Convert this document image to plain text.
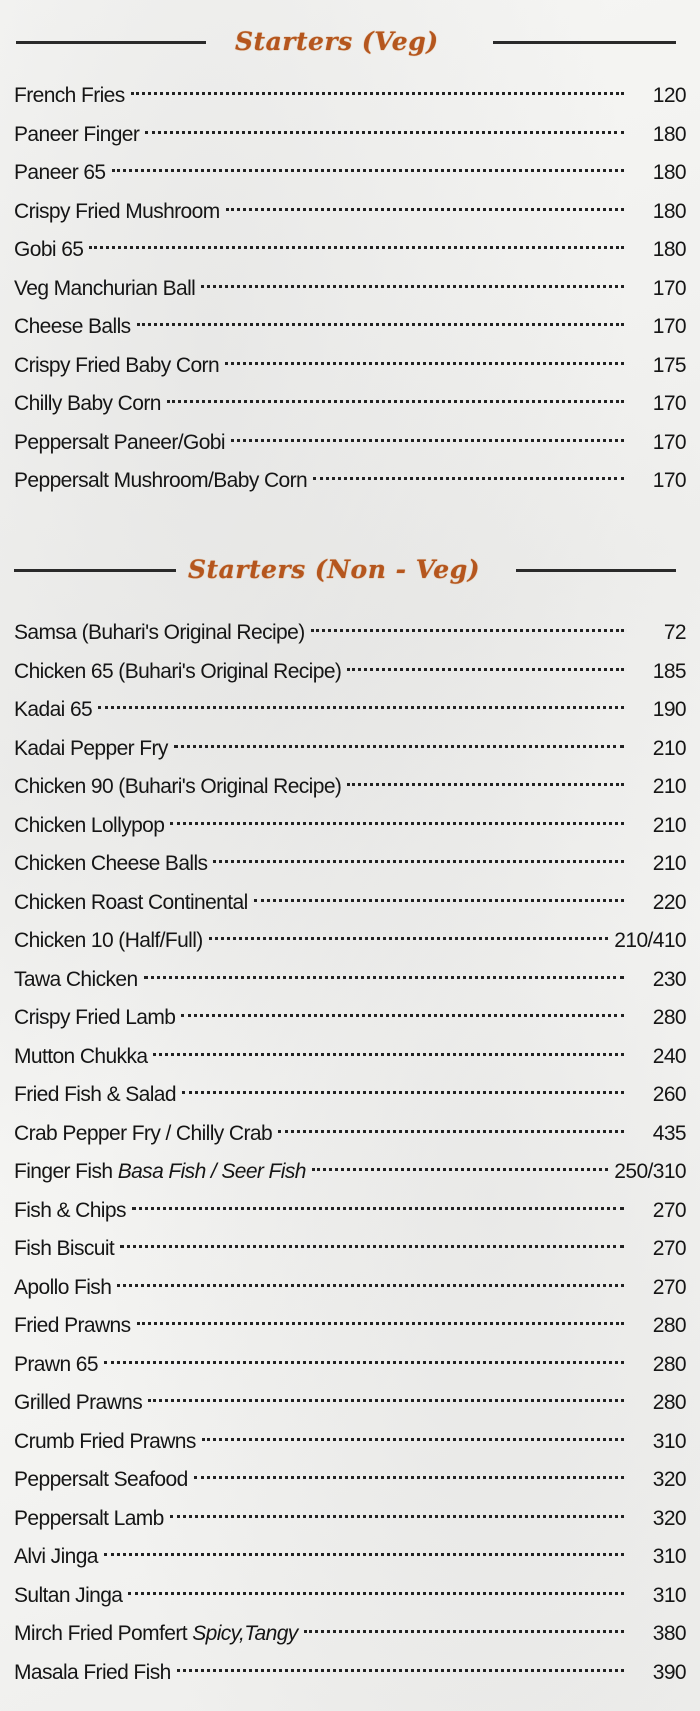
Starters (Veg)
French Fries	120
Paneer Finger	180
Paneer 65	180
Crispy Fried Mushroom	180
Gobi 65	180
Veg Manchurian Ball	170
Cheese Balls	170
Crispy Fried Baby Corn	175
Chilly Baby Corn	170
Peppersalt Paneer/Gobi	170
Peppersalt Mushroom/Baby Corn	170
Starters (Non - Veg)
Samsa (Buhari's Original Recipe)	72
Chicken 65 (Buhari's Original Recipe)	185
Kadai 65	190
Kadai Pepper Fry	210
Chicken 90 (Buhari's Original Recipe)	210
Chicken Lollypop	210
Chicken Cheese Balls	210
Chicken Roast Continental	220
Chicken 10 (Half/Full)	210/410
Tawa Chicken	230
Crispy Fried Lamb	280
Mutton Chukka	240
Fried Fish & Salad	260
Crab Pepper Fry / Chilly Crab	435
Finger Fish Basa Fish / Seer Fish	250/310
Fish & Chips	270
Fish Biscuit	270
Apollo Fish	270
Fried Prawns	280
Prawn 65	280
Grilled Prawns	280
Crumb Fried Prawns	310
Peppersalt Seafood	320
Peppersalt Lamb	320
Alvi Jinga	310
Sultan Jinga	310
Mirch Fried Pomfert Spicy,Tangy	380
Masala Fried Fish	390
